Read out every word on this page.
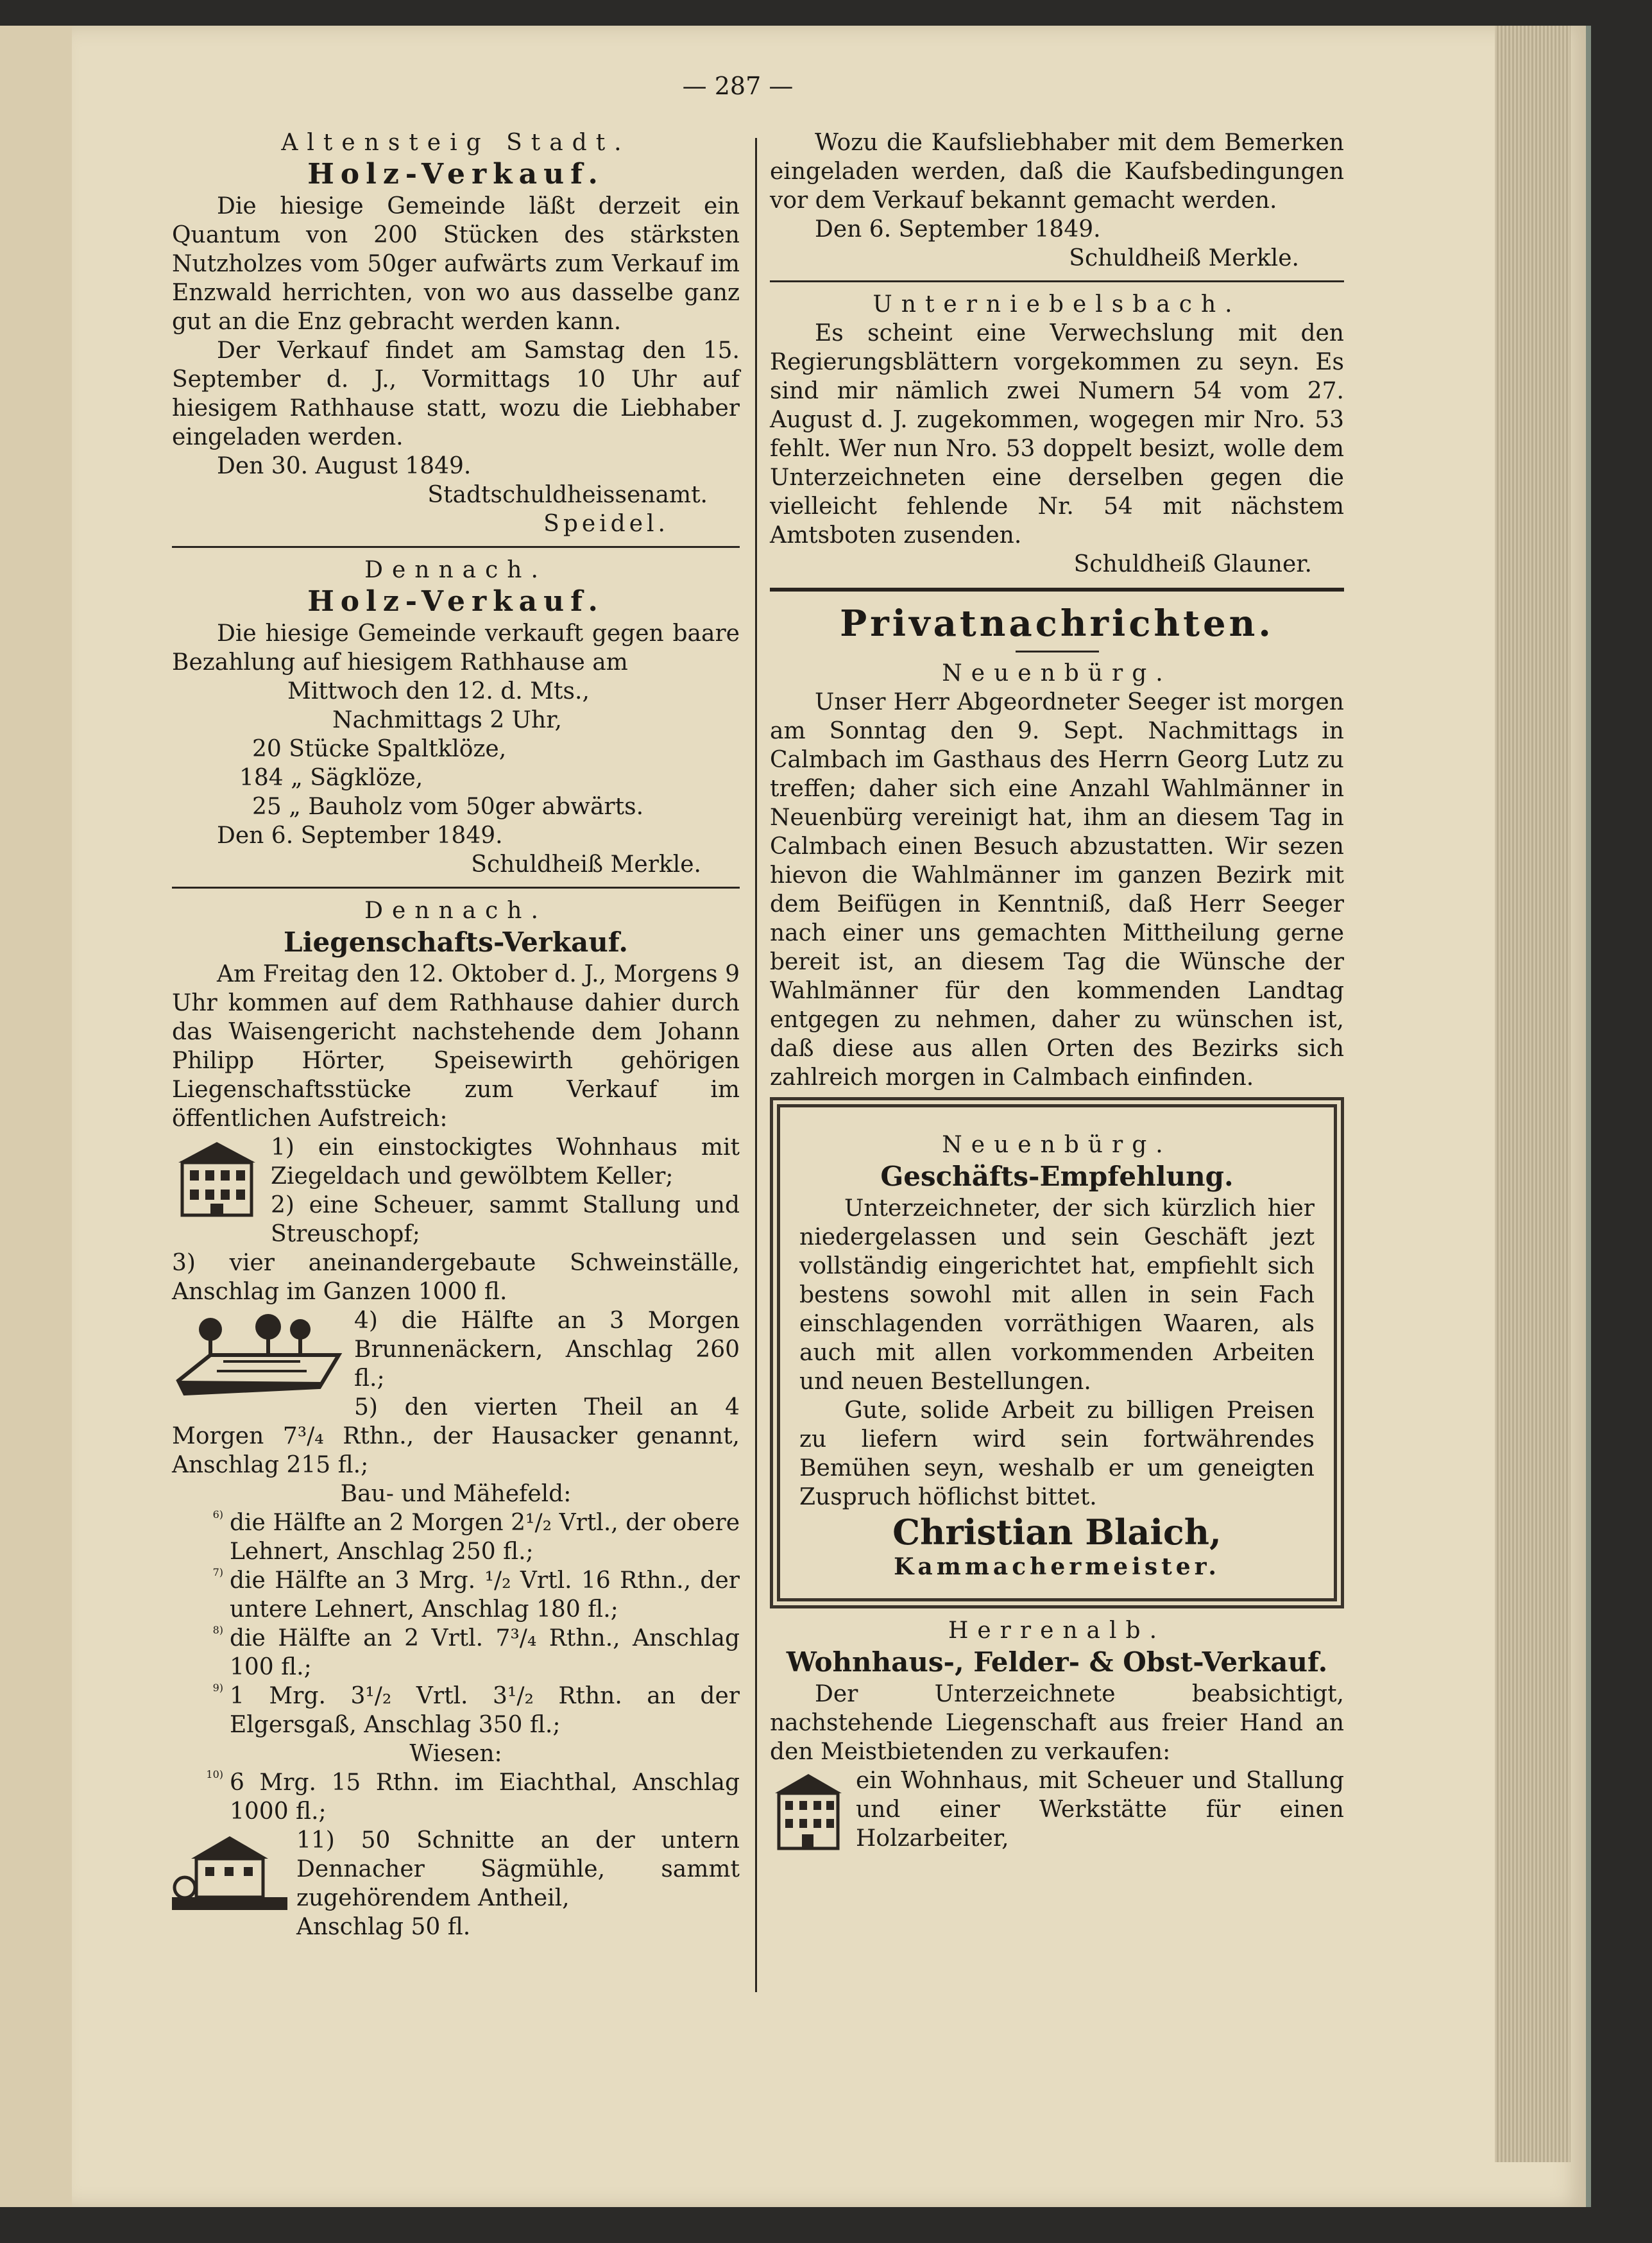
— 287 —

Altensteig Stadt.

Holz-Verkauf.

Die hiesige Gemeinde läßt derzeit ein Quantum von 200 Stücken des stärksten Nutzholzes vom 50ger aufwärts zum Verkauf im Enzwald herrichten, von wo aus dasselbe ganz gut an die Enz gebracht werden kann.

Der Verkauf findet am Samstag den 15. September d. J., Vormittags 10 Uhr auf hiesigem Rathhause statt, wozu die Liebhaber eingeladen werden.

Den 30. August 1849.

Stadtschuldheissenamt.

Speidel.

Dennach.

Holz-Verkauf.

Die hiesige Gemeinde verkauft gegen baare Bezahlung auf hiesigem Rathhause am

Mittwoch den 12. d. Mts.,

Nachmittags 2 Uhr,

20 Stücke Spaltklöze,

184 „ Sägklöze,

25 „ Bauholz vom 50ger abwärts.

Den 6. September 1849.

Schuldheiß Merkle.

Dennach.

Liegenschafts-Verkauf.

Am Freitag den 12. Oktober d. J., Morgens 9 Uhr kommen auf dem Rathhause dahier durch das Waisengericht nachstehende dem Johann Philipp Hörter, Speisewirth gehörigen Liegenschaftsstücke zum Verkauf im öffentlichen Aufstreich:

1) ein einstockigtes Wohnhaus mit Ziegeldach und gewölbtem Keller;

2) eine Scheuer, sammt Stallung und Streuschopf;

3) vier aneinandergebaute Schweinställe, Anschlag im Ganzen 1000 fl.

4) die Hälfte an 3 Morgen Brunnenäckern, Anschlag 260 fl.;

5) den vierten Theil an 4 Morgen 7³/₄ Rthn., der Hausacker genannt, Anschlag 215 fl.;

Bau- und Mähefeld:

6) die Hälfte an 2 Morgen 2¹/₂ Vrtl., der obere Lehnert, Anschlag 250 fl.;

7) die Hälfte an 3 Mrg. ¹/₂ Vrtl. 16 Rthn., der untere Lehnert, Anschlag 180 fl.;

8) die Hälfte an 2 Vrtl. 7³/₄ Rthn., Anschlag 100 fl.;

9) 1 Mrg. 3¹/₂ Vrtl. 3¹/₂ Rthn. an der Elgersgaß, Anschlag 350 fl.;

Wiesen:

10) 6 Mrg. 15 Rthn. im Eiachthal, Anschlag 1000 fl.;

11) 50 Schnitte an der untern Dennacher Sägmühle, sammt zugehörendem Antheil,

Anschlag 50 fl.

Wozu die Kaufsliebhaber mit dem Bemerken eingeladen werden, daß die Kaufsbedingungen vor dem Verkauf bekannt gemacht werden.

Den 6. September 1849.

Schuldheiß Merkle.

Unterniebelsbach.

Es scheint eine Verwechslung mit den Regierungsblättern vorgekommen zu seyn. Es sind mir nämlich zwei Numern 54 vom 27. August d. J. zugekommen, wogegen mir Nro. 53 fehlt. Wer nun Nro. 53 doppelt besizt, wolle dem Unterzeichneten eine derselben gegen die vielleicht fehlende Nr. 54 mit nächstem Amtsboten zusenden.

Schuldheiß Glauner.

Privatnachrichten.

Neuenbürg.

Unser Herr Abgeordneter Seeger ist morgen am Sonntag den 9. Sept. Nachmittags in Calmbach im Gasthaus des Herrn Georg Lutz zu treffen; daher sich eine Anzahl Wahlmänner in Neuenbürg vereinigt hat, ihm an diesem Tag in Calmbach einen Besuch abzustatten. Wir sezen hievon die Wahlmänner im ganzen Bezirk mit dem Beifügen in Kenntniß, daß Herr Seeger nach einer uns gemachten Mittheilung gerne bereit ist, an diesem Tag die Wünsche der Wahlmänner für den kommenden Landtag entgegen zu nehmen, daher zu wünschen ist, daß diese aus allen Orten des Bezirks sich zahlreich morgen in Calmbach einfinden.

Neuenbürg.

Geschäfts-Empfehlung.

Unterzeichneter, der sich kürzlich hier niedergelassen und sein Geschäft jezt vollständig eingerichtet hat, empfiehlt sich bestens sowohl mit allen in sein Fach einschlagenden vorräthigen Waaren, als auch mit allen vorkommenden Arbeiten und neuen Bestellungen.

Gute, solide Arbeit zu billigen Preisen zu liefern wird sein fortwährendes Bemühen seyn, weshalb er um geneigten Zuspruch höflichst bittet.

Christian Blaich,

Kammachermeister.

Herrenalb.

Wohnhaus-, Felder- & Obst-Verkauf.

Der Unterzeichnete beabsichtigt, nachstehende Liegenschaft aus freier Hand an den Meistbietenden zu verkaufen:

ein Wohnhaus, mit Scheuer und Stallung und einer Werkstätte für einen Holzarbeiter,
